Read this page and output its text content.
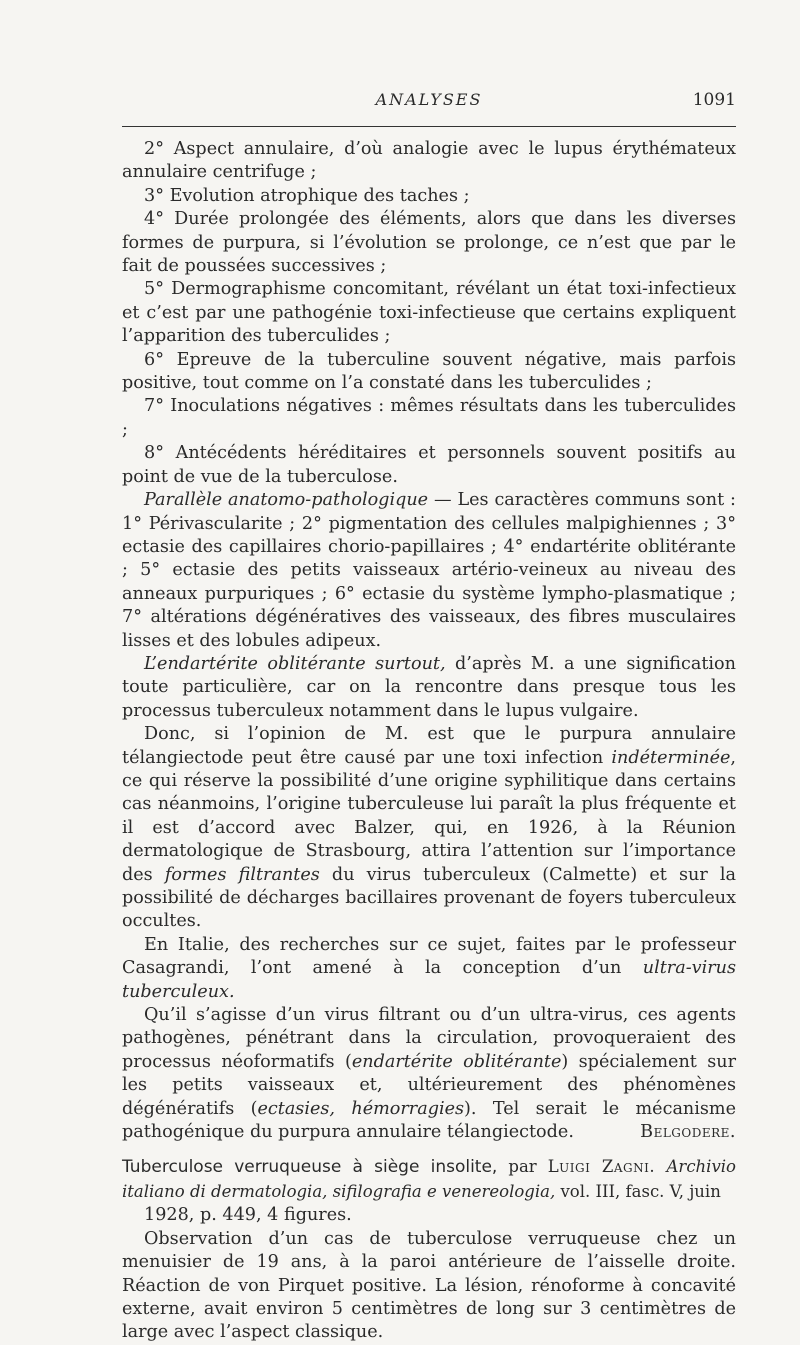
ANALYSES	1091

2° Aspect annulaire, d’où analogie avec le lupus érythémateux annulaire centrifuge ;

3° Evolution atrophique des taches ;

4° Durée prolongée des éléments, alors que dans les diverses formes de purpura, si l’évolution se prolonge, ce n’est que par le fait de poussées successives ;

5° Dermographisme concomitant, révélant un état toxi-infectieux et c’est par une pathogénie toxi-infectieuse que certains expliquent l’apparition des tuberculides ;

6° Epreuve de la tuberculine souvent négative, mais parfois positive, tout comme on l’a constaté dans les tuberculides ;

7° Inoculations négatives : mêmes résultats dans les tuberculides ;

8° Antécédents héréditaires et personnels souvent positifs au point de vue de la tuberculose.

Parallèle anatomo-pathologique — Les caractères communs sont : 1° Périvascularite ; 2° pigmentation des cellules malpighiennes ; 3° ectasie des capillaires chorio-papillaires ; 4° endartérite oblitérante ; 5° ectasie des petits vaisseaux artério-veineux au niveau des anneaux purpuriques ; 6° ectasie du système lympho-plasmatique ; 7° altérations dégénératives des vaisseaux, des fibres musculaires lisses et des lobules adipeux.

L’endartérite oblitérante surtout, d’après M. a une signification toute particulière, car on la rencontre dans presque tous les processus tuberculeux notamment dans le lupus vulgaire.

Donc, si l’opinion de M. est que le purpura annulaire télangiectode peut être causé par une toxi infection indéterminée, ce qui réserve la possibilité d’une origine syphilitique dans certains cas néanmoins, l’origine tuberculeuse lui paraît la plus fréquente et il est d’accord avec Balzer, qui, en 1926, à la Réunion dermatologique de Strasbourg, attira l’attention sur l’importance des formes filtrantes du virus tuberculeux (Calmette) et sur la possibilité de décharges bacillaires provenant de foyers tuberculeux occultes.

En Italie, des recherches sur ce sujet, faites par le professeur Casagrandi, l’ont amené à la conception d’un ultra-virus tuberculeux.

Qu’il s’agisse d’un virus filtrant ou d’un ultra-virus, ces agents pathogènes, pénétrant dans la circulation, provoqueraient des processus néoformatifs (endartérite oblitérante) spécialement sur les petits vaisseaux et, ultérieurement des phénomènes dégénératifs (ectasies, hémorragies). Tel serait le mécanisme pathogénique du purpura annulaire télangiectode.	Belgodere.

Tuberculose verruqueuse à siège insolite, par Luigi Zagni. Archivio italiano di dermatologia, sifilografia e venereologia, vol. III, fasc. V, juin

1928, p. 449, 4 figures.

Observation d’un cas de tuberculose verruqueuse chez un menuisier de 19 ans, à la paroi antérieure de l’aisselle droite. Réaction de von Pirquet positive. La lésion, rénoforme à concavité externe, avait environ 5 centimètres de long sur 3 centimètres de large avec l’aspect classique.
